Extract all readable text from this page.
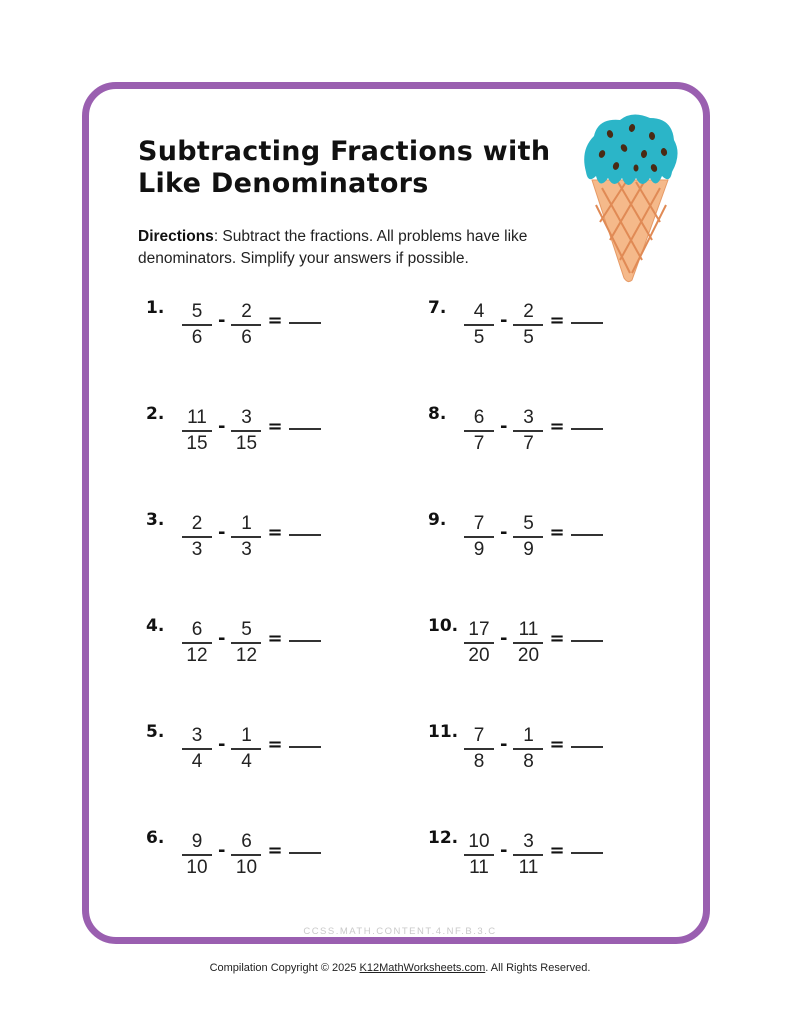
Subtracting Fractions with
Like Denominators
Directions: Subtract the fractions. All problems have like denominators. Simplify your answers if possible.
1. $\frac{5}{6} - \frac{2}{6}$ =
2. $\frac{11}{15} - \frac{3}{15}$ =
3. $\frac{2}{3} - \frac{1}{3}$ =
4. $\frac{6}{12} - \frac{5}{12}$ =
5. $\frac{3}{4} - \frac{1}{4}$ =
6. $\frac{9}{10} - \frac{6}{10}$ =
7. $\frac{4}{5} - \frac{2}{5}$ =
8. $\frac{6}{7} - \frac{3}{7}$ =
9. $\frac{7}{9} - \frac{5}{9}$ =
10. $\frac{17}{20} - \frac{11}{20}$ =
11. $\frac{7}{8} - \frac{1}{8}$ =
12. $\frac{10}{11} - \frac{3}{11}$ =
CCSS.MATH.CONTENT.4.NF.B.3.C
Compilation Copyright © 2025 K12MathWorksheets.com. All Rights Reserved.
